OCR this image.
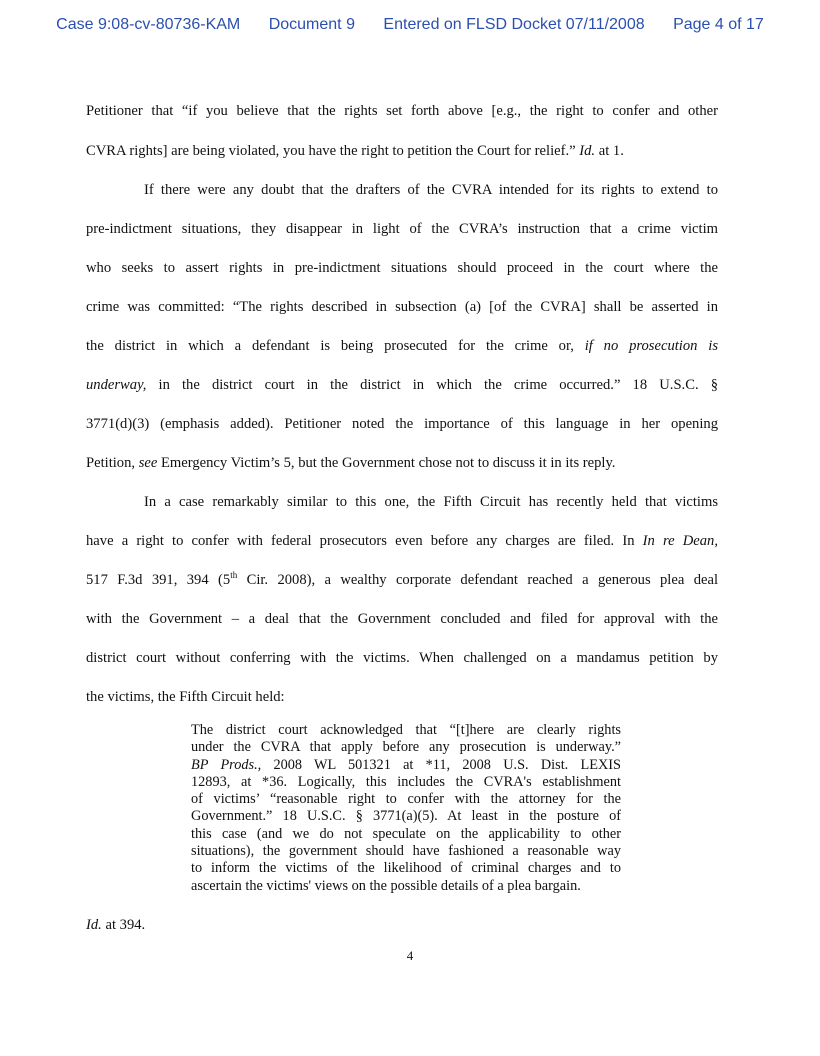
Case 9:08-cv-80736-KAM Document 9 Entered on FLSD Docket 07/11/2008 Page 4 of 17
Petitioner that “if you believe that the rights set forth above [e.g., the right to confer and other
CVRA rights] are being violated, you have the right to petition the Court for relief.” Id. at 1.
If there were any doubt that the drafters of the CVRA intended for its rights to extend to
pre-indictment situations, they disappear in light of the CVRA’s instruction that a crime victim
who seeks to assert rights in pre-indictment situations should proceed in the court where the
crime was committed: “The rights described in subsection (a) [of the CVRA] shall be asserted in
the district in which a defendant is being prosecuted for the crime or, if no prosecution is
underway, in the district court in the district in which the crime occurred.” 18 U.S.C. §
3771(d)(3) (emphasis added). Petitioner noted the importance of this language in her opening
Petition, see Emergency Victim’s 5, but the Government chose not to discuss it in its reply.
In a case remarkably similar to this one, the Fifth Circuit has recently held that victims
have a right to confer with federal prosecutors even before any charges are filed. In In re Dean,
517 F.3d 391, 394 (5th Cir. 2008), a wealthy corporate defendant reached a generous plea deal
with the Government – a deal that the Government concluded and filed for approval with the
district court without conferring with the victims. When challenged on a mandamus petition by
the victims, the Fifth Circuit held:
The district court acknowledged that “[t]here are clearly rights
under the CVRA that apply before any prosecution is underway.”
BP Prods., 2008 WL 501321 at *11, 2008 U.S. Dist. LEXIS
12893, at *36. Logically, this includes the CVRA's establishment
of victims’ “reasonable right to confer with the attorney for the
Government.” 18 U.S.C. § 3771(a)(5). At least in the posture of
this case (and we do not speculate on the applicability to other
situations), the government should have fashioned a reasonable way
to inform the victims of the likelihood of criminal charges and to
ascertain the victims' views on the possible details of a plea bargain.
Id. at 394.
4
